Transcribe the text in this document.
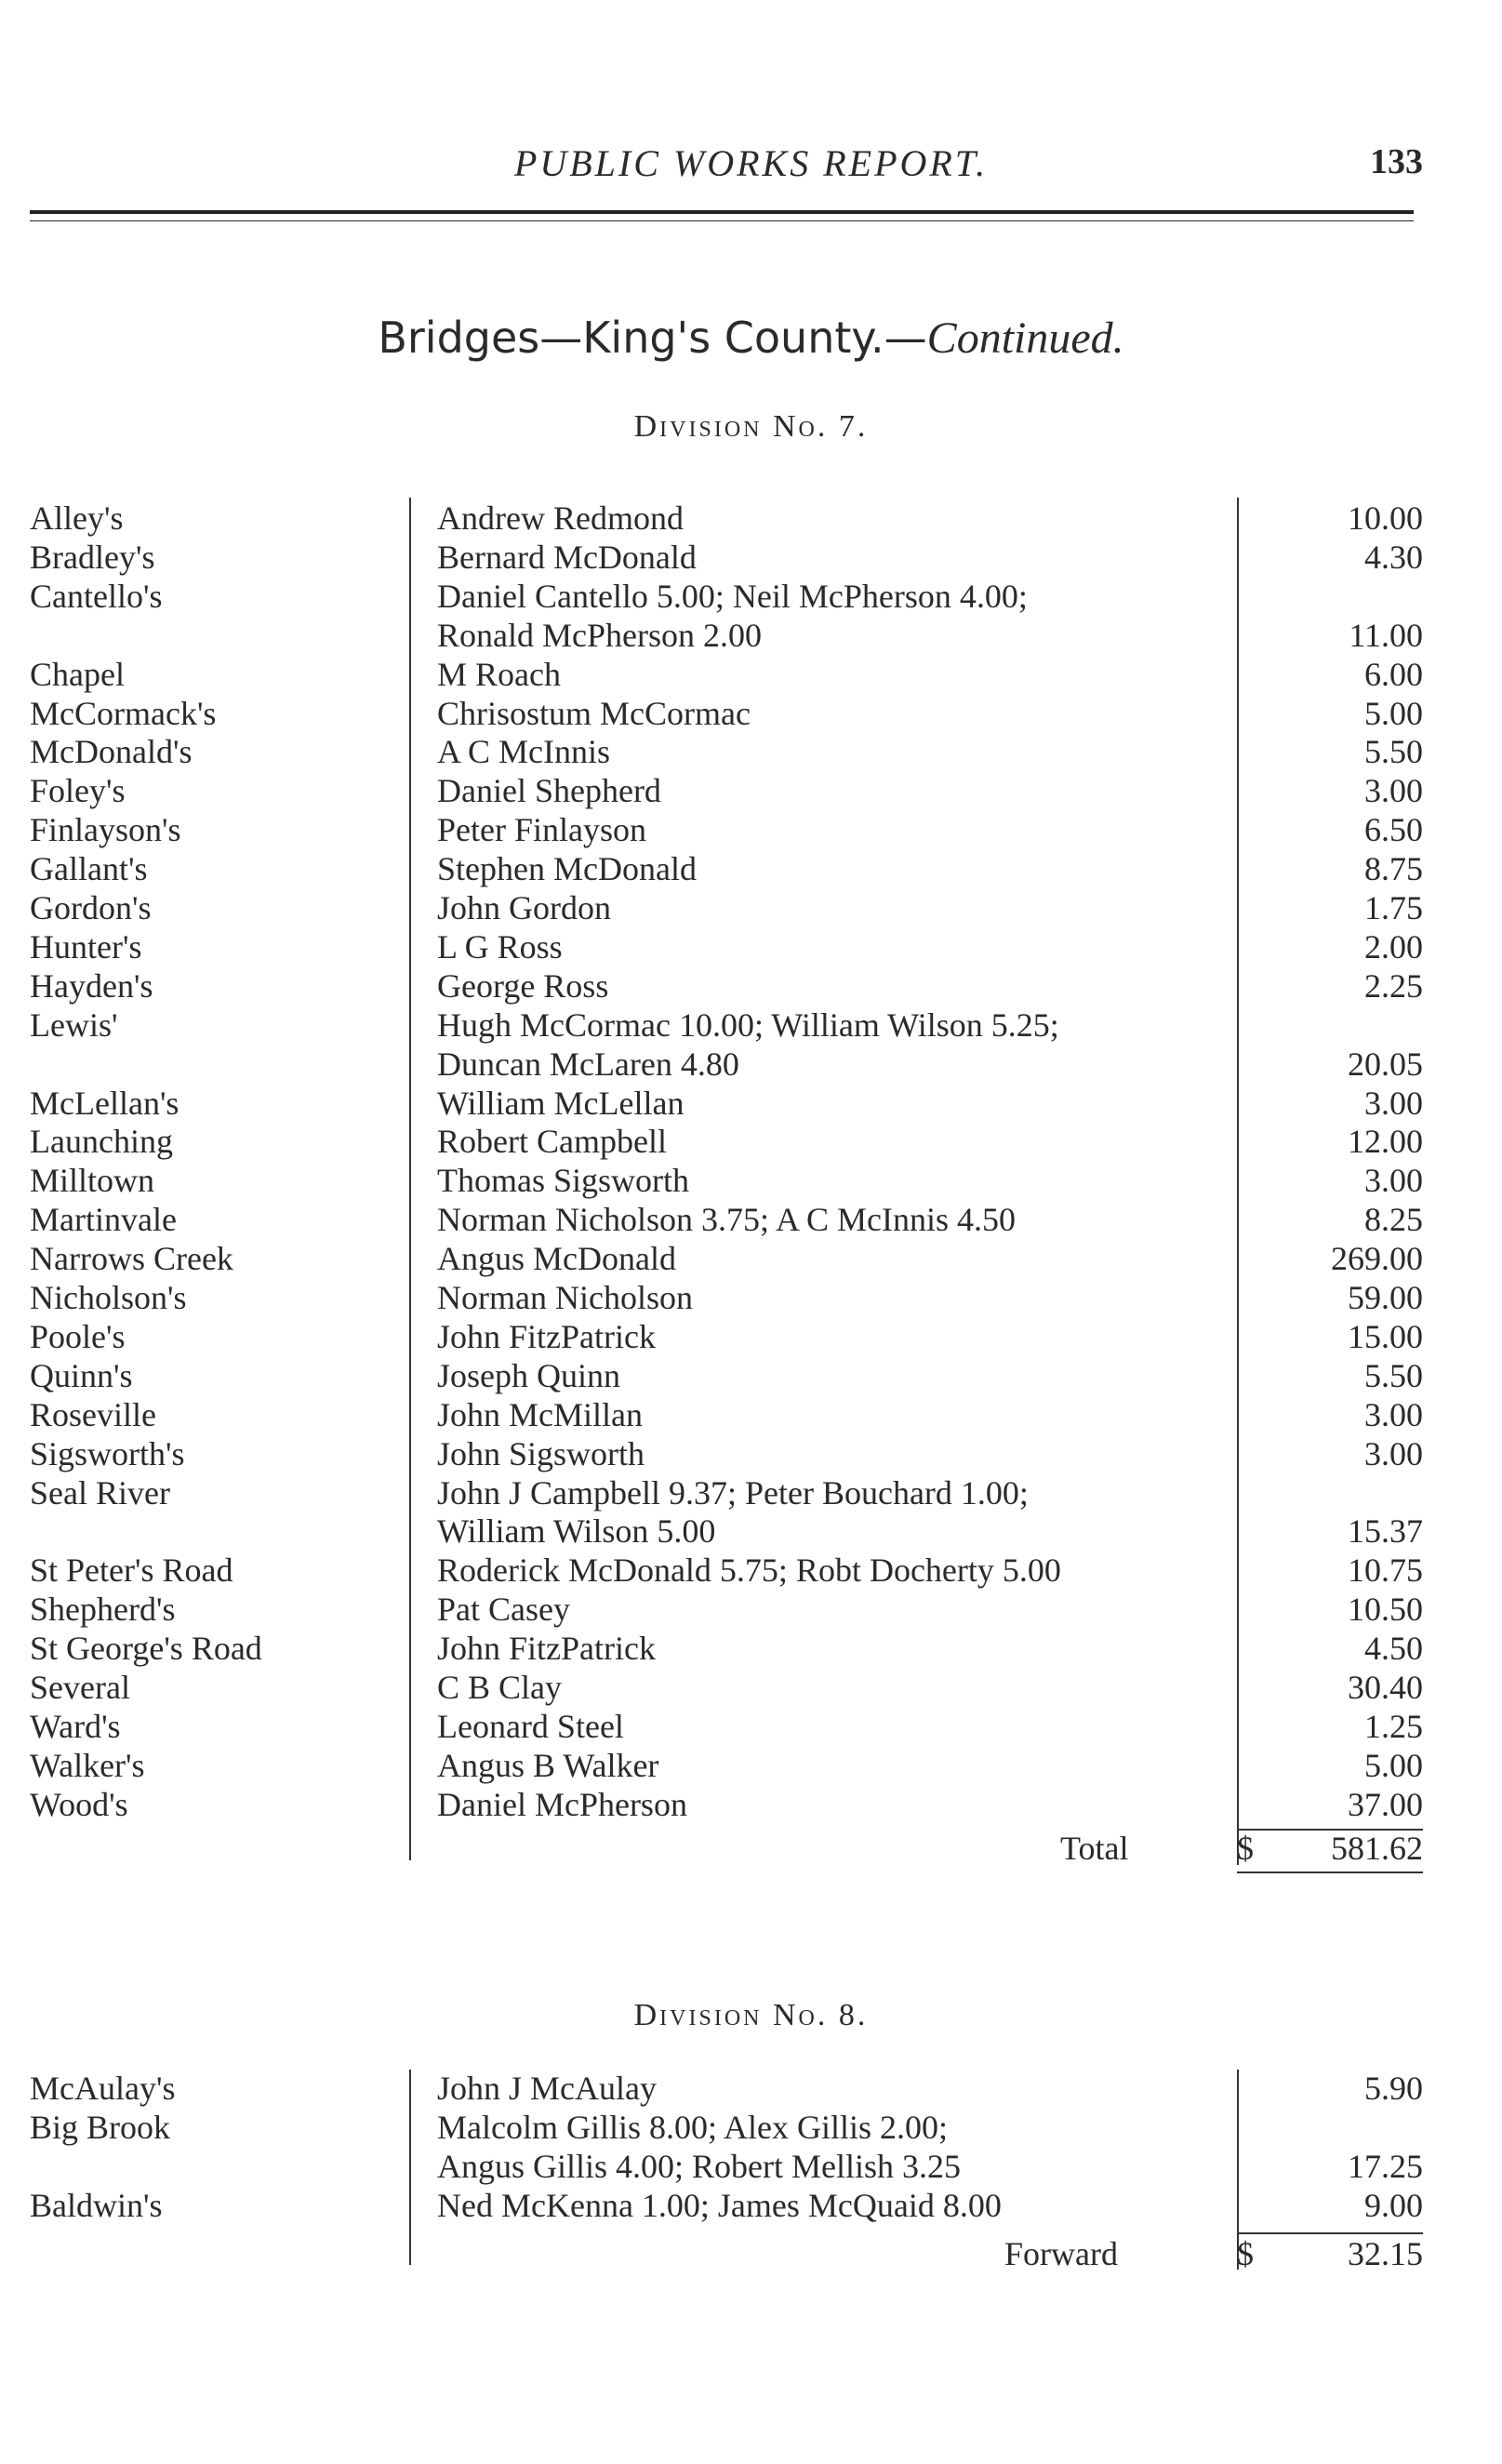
PUBLIC WORKS REPORT.	133
Bridges—King's County.—Continued.
Division No. 7.
Alley's	Andrew Redmond	10.00
Bradley's	Bernard McDonald	4.30
Cantello's	Daniel Cantello 5.00; Neil McPherson 4.00;
Ronald McPherson 2.00	11.00
Chapel	M Roach	6.00
McCormack's	Chrisostum McCormac	5.00
McDonald's	A C McInnis	5.50
Foley's	Daniel Shepherd	3.00
Finlayson's	Peter Finlayson	6.50
Gallant's	Stephen McDonald	8.75
Gordon's	John Gordon	1.75
Hunter's	L G Ross	2.00
Hayden's	George Ross	2.25
Lewis'	Hugh McCormac 10.00; William Wilson 5.25;
Duncan McLaren 4.80	20.05
McLellan's	William McLellan	3.00
Launching	Robert Campbell	12.00
Milltown	Thomas Sigsworth	3.00
Martinvale	Norman Nicholson 3.75; A C McInnis 4.50	8.25
Narrows Creek	Angus McDonald	269.00
Nicholson's	Norman Nicholson	59.00
Poole's	John FitzPatrick	15.00
Quinn's	Joseph Quinn	5.50
Roseville	John McMillan	3.00
Sigsworth's	John Sigsworth	3.00
Seal River	John J Campbell 9.37; Peter Bouchard 1.00;
William Wilson 5.00	15.37
St Peter's Road	Roderick McDonald 5.75; Robt Docherty 5.00	10.75
Shepherd's	Pat Casey	10.50
St George's Road	John FitzPatrick	4.50
Several	C B Clay	30.40
Ward's	Leonard Steel	1.25
Walker's	Angus B Walker	5.00
Wood's	Daniel McPherson	37.00
Total	$ 581.62
Division No. 8.
McAulay's	John J McAulay	5.90
Big Brook	Malcolm Gillis 8.00; Alex Gillis 2.00;
Angus Gillis 4.00; Robert Mellish 3.25	17.25
Baldwin's	Ned McKenna 1.00; James McQuaid 8.00	9.00
Forward	$	32.15
